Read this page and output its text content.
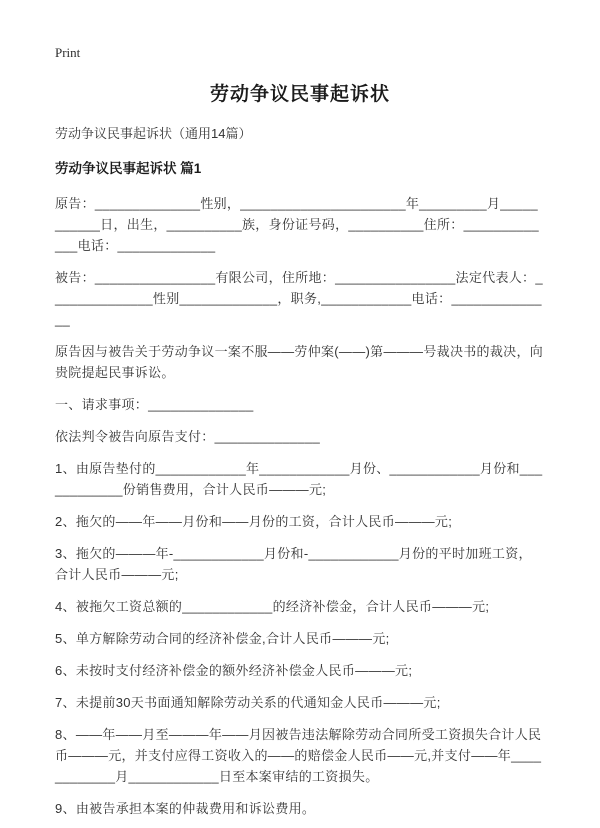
Print
劳动争议民事起诉状

劳动争议民事起诉状（通用14篇）

劳动争议民事起诉状 篇1

原告：______________性别，______________________年_________月___________日，出生，__________族，身份证号码，__________住所：_____________电话：_____________

被告：________________有限公司，住所地：________________法定代表人：______________性别_____________，职务,____________电话：______________

原告因与被告关于劳动争议一案不服——劳仲案(——)第———号裁决书的裁决，向贵院提起民事诉讼。

一、请求事项：______________

依法判令被告向原告支付：______________

1、由原告垫付的____________年____________月份、____________月份和____________份销售费用，合计人民币———元;

2、拖欠的——年——月份和——月份的工资，合计人民币———元;

3、拖欠的———年-____________月份和-____________月份的平时加班工资，合计人民币———元;

4、被拖欠工资总额的____________的经济补偿金，合计人民币———元;

5、单方解除劳动合同的经济补偿金,合计人民币———元;

6、未按时支付经济补偿金的额外经济补偿金人民币———元;

7、未提前30天书面通知解除劳动关系的代通知金人民币———元;

8、——年——月至———年——月因被告违法解除劳动合同所受工资损失合计人民币———元，并支付应得工资收入的——的赔偿金人民币——元,并支付——年____________月____________日至本案审结的工资损失。

9、由被告承担本案的仲裁费用和诉讼费用。
